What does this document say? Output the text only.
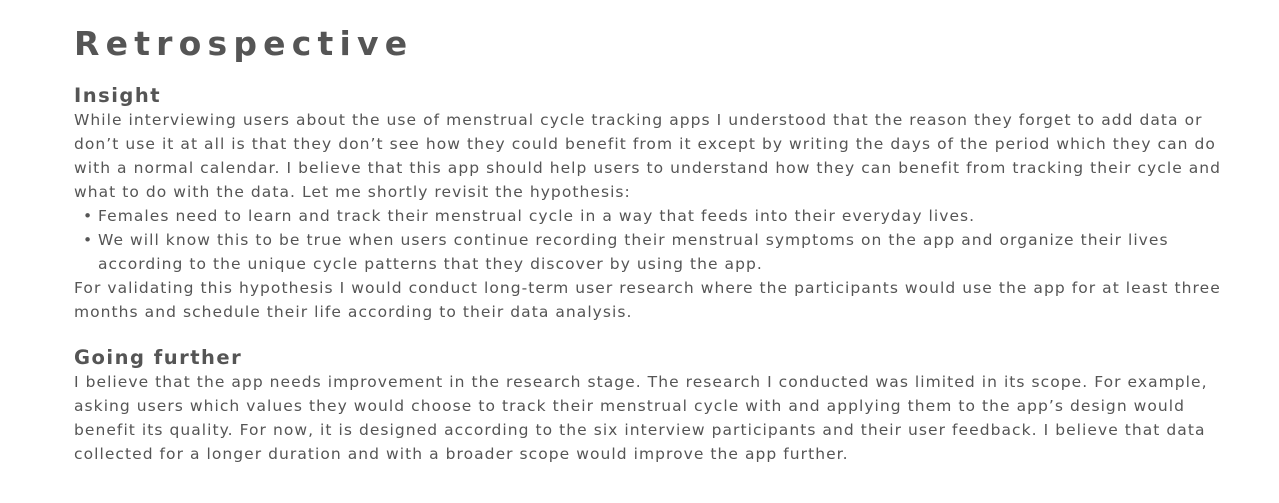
Retrospective
Insight

While interviewing users about the use of menstrual cycle tracking apps I understood that the reason they forget to add data or don’t use it at all is that they don’t see how they could benefit from it except by writing the days of the period which they can do with a normal calendar. I believe that this app should help users to understand how they can benefit from tracking their cycle and what to do with the data. Let me shortly revisit the hypothesis:

• Females need to learn and track their menstrual cycle in a way that feeds into their everyday lives.
• We will know this to be true when users continue recording their menstrual symptoms on the app and organize their lives according to the unique cycle patterns that they discover by using the app.

For validating this hypothesis I would conduct long-term user research where the participants would use the app for at least three months and schedule their life according to their data analysis.

Going further

I believe that the app needs improvement in the research stage. The research I conducted was limited in its scope. For example, asking users which values they would choose to track their menstrual cycle with and applying them to the app’s design would benefit its quality. For now, it is designed according to the six interview participants and their user feedback. I believe that data collected for a longer duration and with a broader scope would improve the app further.
